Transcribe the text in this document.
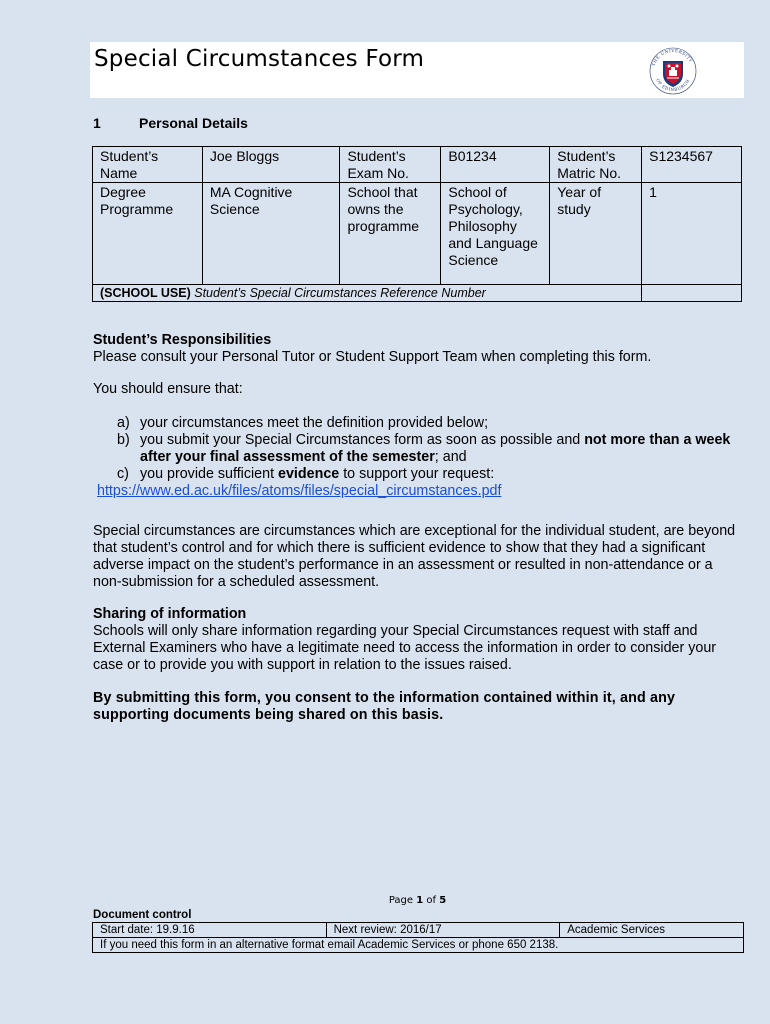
Special Circumstances Form	THE UNIVERSITY
OF EDINBURGH
1	Personal Details
Student’s Name	Joe Bloggs	Student’s Exam No.	B01234	Student’s Matric No.	S1234567
Degree Programme	MA Cognitive Science	School that owns the programme	School of Psychology, Philosophy and Language Science	Year of study	1
(SCHOOL USE) Student’s Special Circumstances Reference Number					
Student’s Responsibilities
Please consult your Personal Tutor or Student Support Team when completing this form.
You should ensure that:
a) your circumstances meet the definition provided below;
b) you submit your Special Circumstances form as soon as possible and not more than a week after your final assessment of the semester; and
c) you provide sufficient evidence to support your request:
https://www.ed.ac.uk/files/atoms/files/special_circumstances.pdf
Special circumstances are circumstances which are exceptional for the individual student, are beyond that student’s control and for which there is sufficient evidence to show that they had a significant adverse impact on the student’s performance in an assessment or resulted in non-attendance or a non-submission for a scheduled assessment.
Sharing of information
Schools will only share information regarding your Special Circumstances request with staff and External Examiners who have a legitimate need to access the information in order to consider your case or to provide you with support in relation to the issues raised.
By submitting this form, you consent to the information contained within it, and any supporting documents being shared on this basis.
Page 1 of 5
Document control
Start date: 19.9.16	Next review: 2016/17	Academic Services
If you need this form in an alternative format email Academic Services or phone 650 2138.
